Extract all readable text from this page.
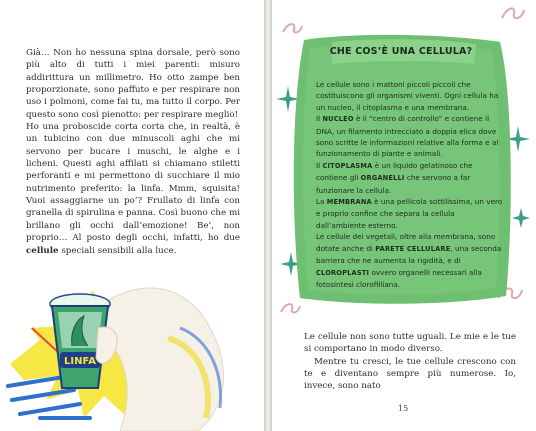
Già… Non ho nessuna spina dorsale, però sono più alto di tutti i miei parenti: misuro addirittura un millimetro. Ho otto zampe ben proporzionate, sono paffuto e per respirare non uso i polmoni, come fai tu, ma tutto il corpo. Per questo sono così pienotto: per respirare meglio!

Ho una proboscide corta corta che, in realtà, è un tubicino con due minuscoli aghi che mi servono per bucare i muschi, le alghe e i licheni. Questi aghi affilati si chiamano stiletti perforanti e mi permettono di succhiare il mio nutrimento preferito: la linfa. Mmm, squisita! Vuoi assaggiarne un po’? Frullato di linfa con granella di spirulina e panna. Così buono che mi brillano gli occhi dall’emozione! Be’, non proprio… Al posto degli occhi, infatti, ho due cellule speciali sensibili alla luce.

LINFA
CHE COS’È UNA CELLULA?

Le cellule sono i mattoni piccoli piccoli che costituiscono gli organismi viventi. Ogni cellula ha un nucleo, il citoplasma e una membrana.

Il NUCLEO è il “centro di controllo” e contiene il DNA, un filamento intrecciato a doppia elica dove sono scritte le informazioni relative alla forma e al funzionamento di piante e animali.

Il CITOPLASMA è un liquido gelatinoso che contiene gli ORGANELLI che servono a far funzionare la cellula.

La MEMBRANA è una pellicola sottilissima, un vero e proprio confine che separa la cellula dall’ambiente esterno.

Le cellule dei vegetali, oltre alla membrana, sono dotate anche di PARETE CELLULARE, una seconda barriera che ne aumenta la rigidità, e di CLOROPLASTI ovvero organelli necessari alla fotosintesi clorofilliana.

Le cellule non sono tutte uguali. Le mie e le tue si comportano in modo diverso.

Mentre tu cresci, le tue cellule crescono con te e diventano sempre più numerose. Io, invece, sono nato

15
